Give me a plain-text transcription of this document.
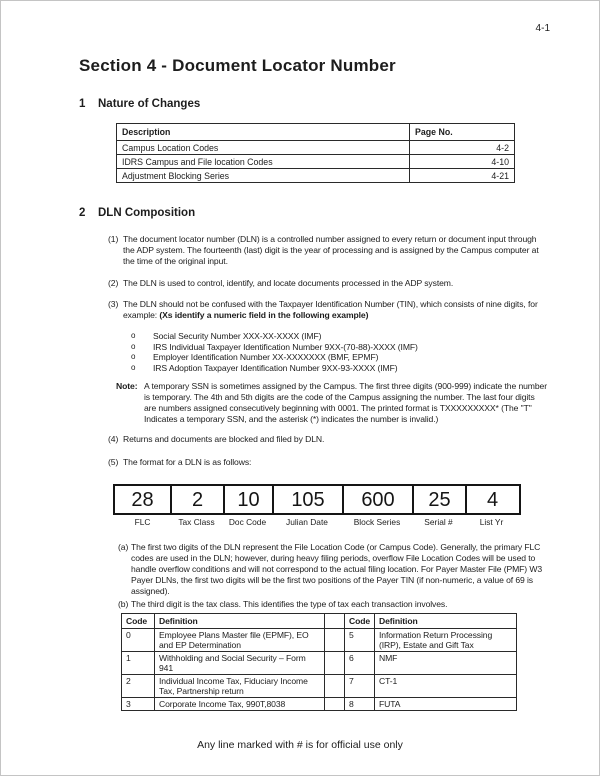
4-1
Section 4 - Document Locator Number
1	Nature of Changes
Description	Page No.
Campus Location Codes	4-2
IDRS Campus and File location Codes	4-10
Adjustment Blocking Series	4-21
2	DLN Composition
(1) The document locator number (DLN) is a controlled number assigned to every return or document input through the ADP system. The fourteenth (last) digit is the year of processing and is assigned by the Campus computer at the time of the original input.
(2) The DLN is used to control, identify, and locate documents processed in the ADP system.
(3) The DLN should not be confused with the Taxpayer Identification Number (TIN), which consists of nine digits, for example: (Xs identify a numeric field in the following example)
o	Social Security Number XXX-XX-XXXX (IMF)
o	IRS Individual Taxpayer Identification Number 9XX-(70-88)-XXXX (IMF)
o	Employer Identification Number XX-XXXXXXX (BMF, EPMF)
o	IRS Adoption Taxpayer Identification Number 9XX-93-XXXX (IMF)
Note: A temporary SSN is sometimes assigned by the Campus. The first three digits (900-999) indicate the number is temporary. The 4th and 5th digits are the code of the Campus assigning the number. The last four digits are numbers assigned consecutively beginning with 0001. The printed format is TXXXXXXXXX* (The "T" Indicates a temporary SSN, and the asterisk (*) indicates the number is invalid.)
(4) Returns and documents are blocked and filed by DLN.
(5) The format for a DLN is as follows:
28	2	10	105	600	25	4
FLC	Tax Class	Doc Code	Julian Date	Block Series	Serial #	List Yr
(a) The first two digits of the DLN represent the File Location Code (or Campus Code). Generally, the primary FLC codes are used in the DLN; however, during heavy filing periods, overflow File Location Codes will be used to handle overflow conditions and will not correspond to the actual filing location. For Payer Master File (PMF) W3 Payer DLNs, the first two digits will be the first two positions of the Payer TIN (if non-numeric, a value of 69 is assigned).
(b) The third digit is the tax class. This identifies the type of tax each transaction involves.
Code	Definition		Code	Definition
0	Employee Plans Master file (EPMF), EO and EP Determination		5	Information Return Processing (IRP), Estate and Gift Tax
1	Withholding and Social Security – Form 941		6	NMF
2	Individual Income Tax, Fiduciary Income Tax, Partnership return		7	CT-1
3	Corporate Income Tax, 990T,8038		8	FUTA
Any line marked with # is for official use only
